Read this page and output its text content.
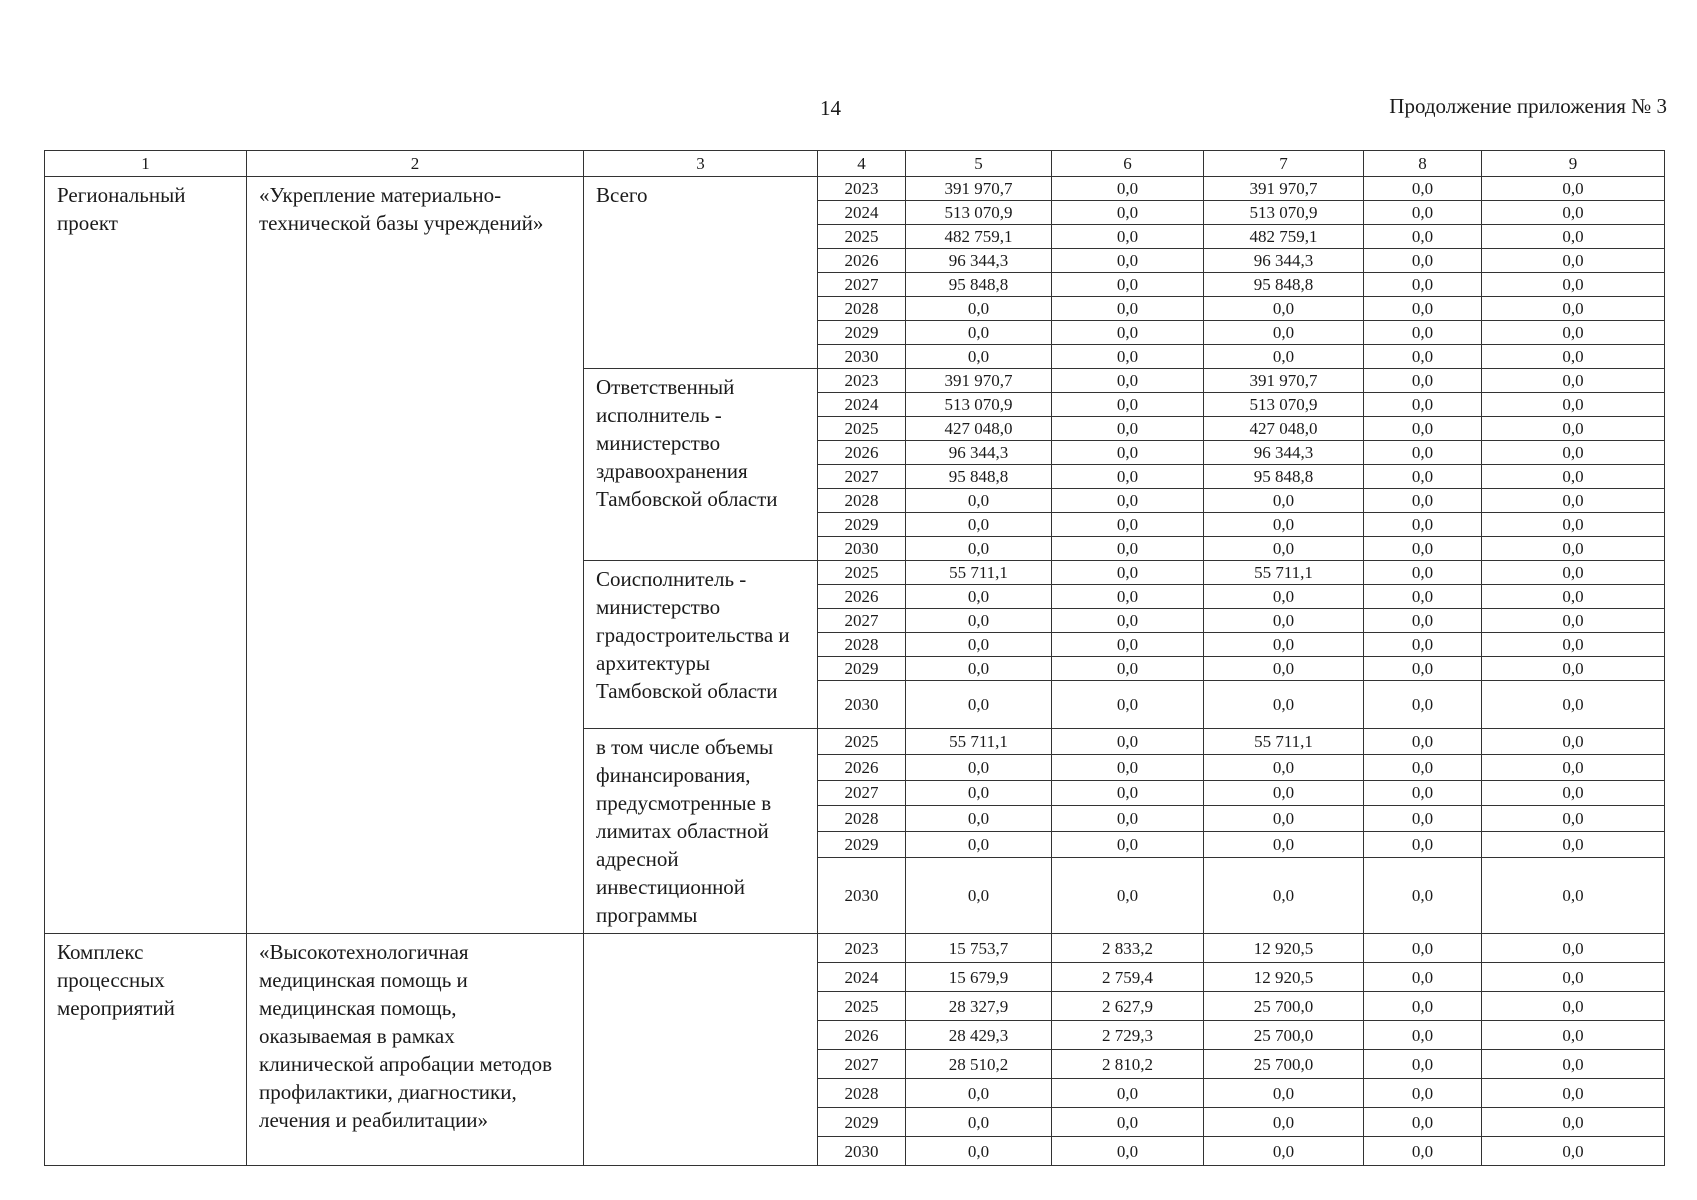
14	Продолжение приложения № 3
1	2	3	4	5	6	7	8	9
Региональный проект	«Укрепление материально-технической базы учреждений»	Всего	2023	391 970,7	0,0	391 970,7	0,0	0,0
			2024	513 070,9	0,0	513 070,9	0,0	0,0
			2025	482 759,1	0,0	482 759,1	0,0	0,0
			2026	96 344,3	0,0	96 344,3	0,0	0,0
			2027	95 848,8	0,0	95 848,8	0,0	0,0
			2028	0,0	0,0	0,0	0,0	0,0
			2029	0,0	0,0	0,0	0,0	0,0
			2030	0,0	0,0	0,0	0,0	0,0
		Ответственный исполнитель - министерство здравоохранения Тамбовской области	2023	391 970,7	0,0	391 970,7	0,0	0,0
			2024	513 070,9	0,0	513 070,9	0,0	0,0
			2025	427 048,0	0,0	427 048,0	0,0	0,0
			2026	96 344,3	0,0	96 344,3	0,0	0,0
			2027	95 848,8	0,0	95 848,8	0,0	0,0
			2028	0,0	0,0	0,0	0,0	0,0
			2029	0,0	0,0	0,0	0,0	0,0
			2030	0,0	0,0	0,0	0,0	0,0
		Соисполнитель - министерство градостроительства и архитектуры Тамбовской области	2025	55 711,1	0,0	55 711,1	0,0	0,0
			2026	0,0	0,0	0,0	0,0	0,0
			2027	0,0	0,0	0,0	0,0	0,0
			2028	0,0	0,0	0,0	0,0	0,0
			2029	0,0	0,0	0,0	0,0	0,0
			2030	0,0	0,0	0,0	0,0	0,0
		в том числе объемы финансирования, предусмотренные в лимитах областной адресной инвестиционной программы	2025	55 711,1	0,0	55 711,1	0,0	0,0
			2026	0,0	0,0	0,0	0,0	0,0
			2027	0,0	0,0	0,0	0,0	0,0
			2028	0,0	0,0	0,0	0,0	0,0
			2029	0,0	0,0	0,0	0,0	0,0
			2030	0,0	0,0	0,0	0,0	0,0
Комплекс процессных мероприятий	«Высокотехнологичная медицинская помощь и медицинская помощь, оказываемая в рамках клинической апробации методов профилактики, диагностики, лечения и реабилитации»		2023	15 753,7	2 833,2	12 920,5	0,0	0,0
			2024	15 679,9	2 759,4	12 920,5	0,0	0,0
			2025	28 327,9	2 627,9	25 700,0	0,0	0,0
			2026	28 429,3	2 729,3	25 700,0	0,0	0,0
			2027	28 510,2	2 810,2	25 700,0	0,0	0,0
			2028	0,0	0,0	0,0	0,0	0,0
			2029	0,0	0,0	0,0	0,0	0,0
			2030	0,0	0,0	0,0	0,0	0,0
